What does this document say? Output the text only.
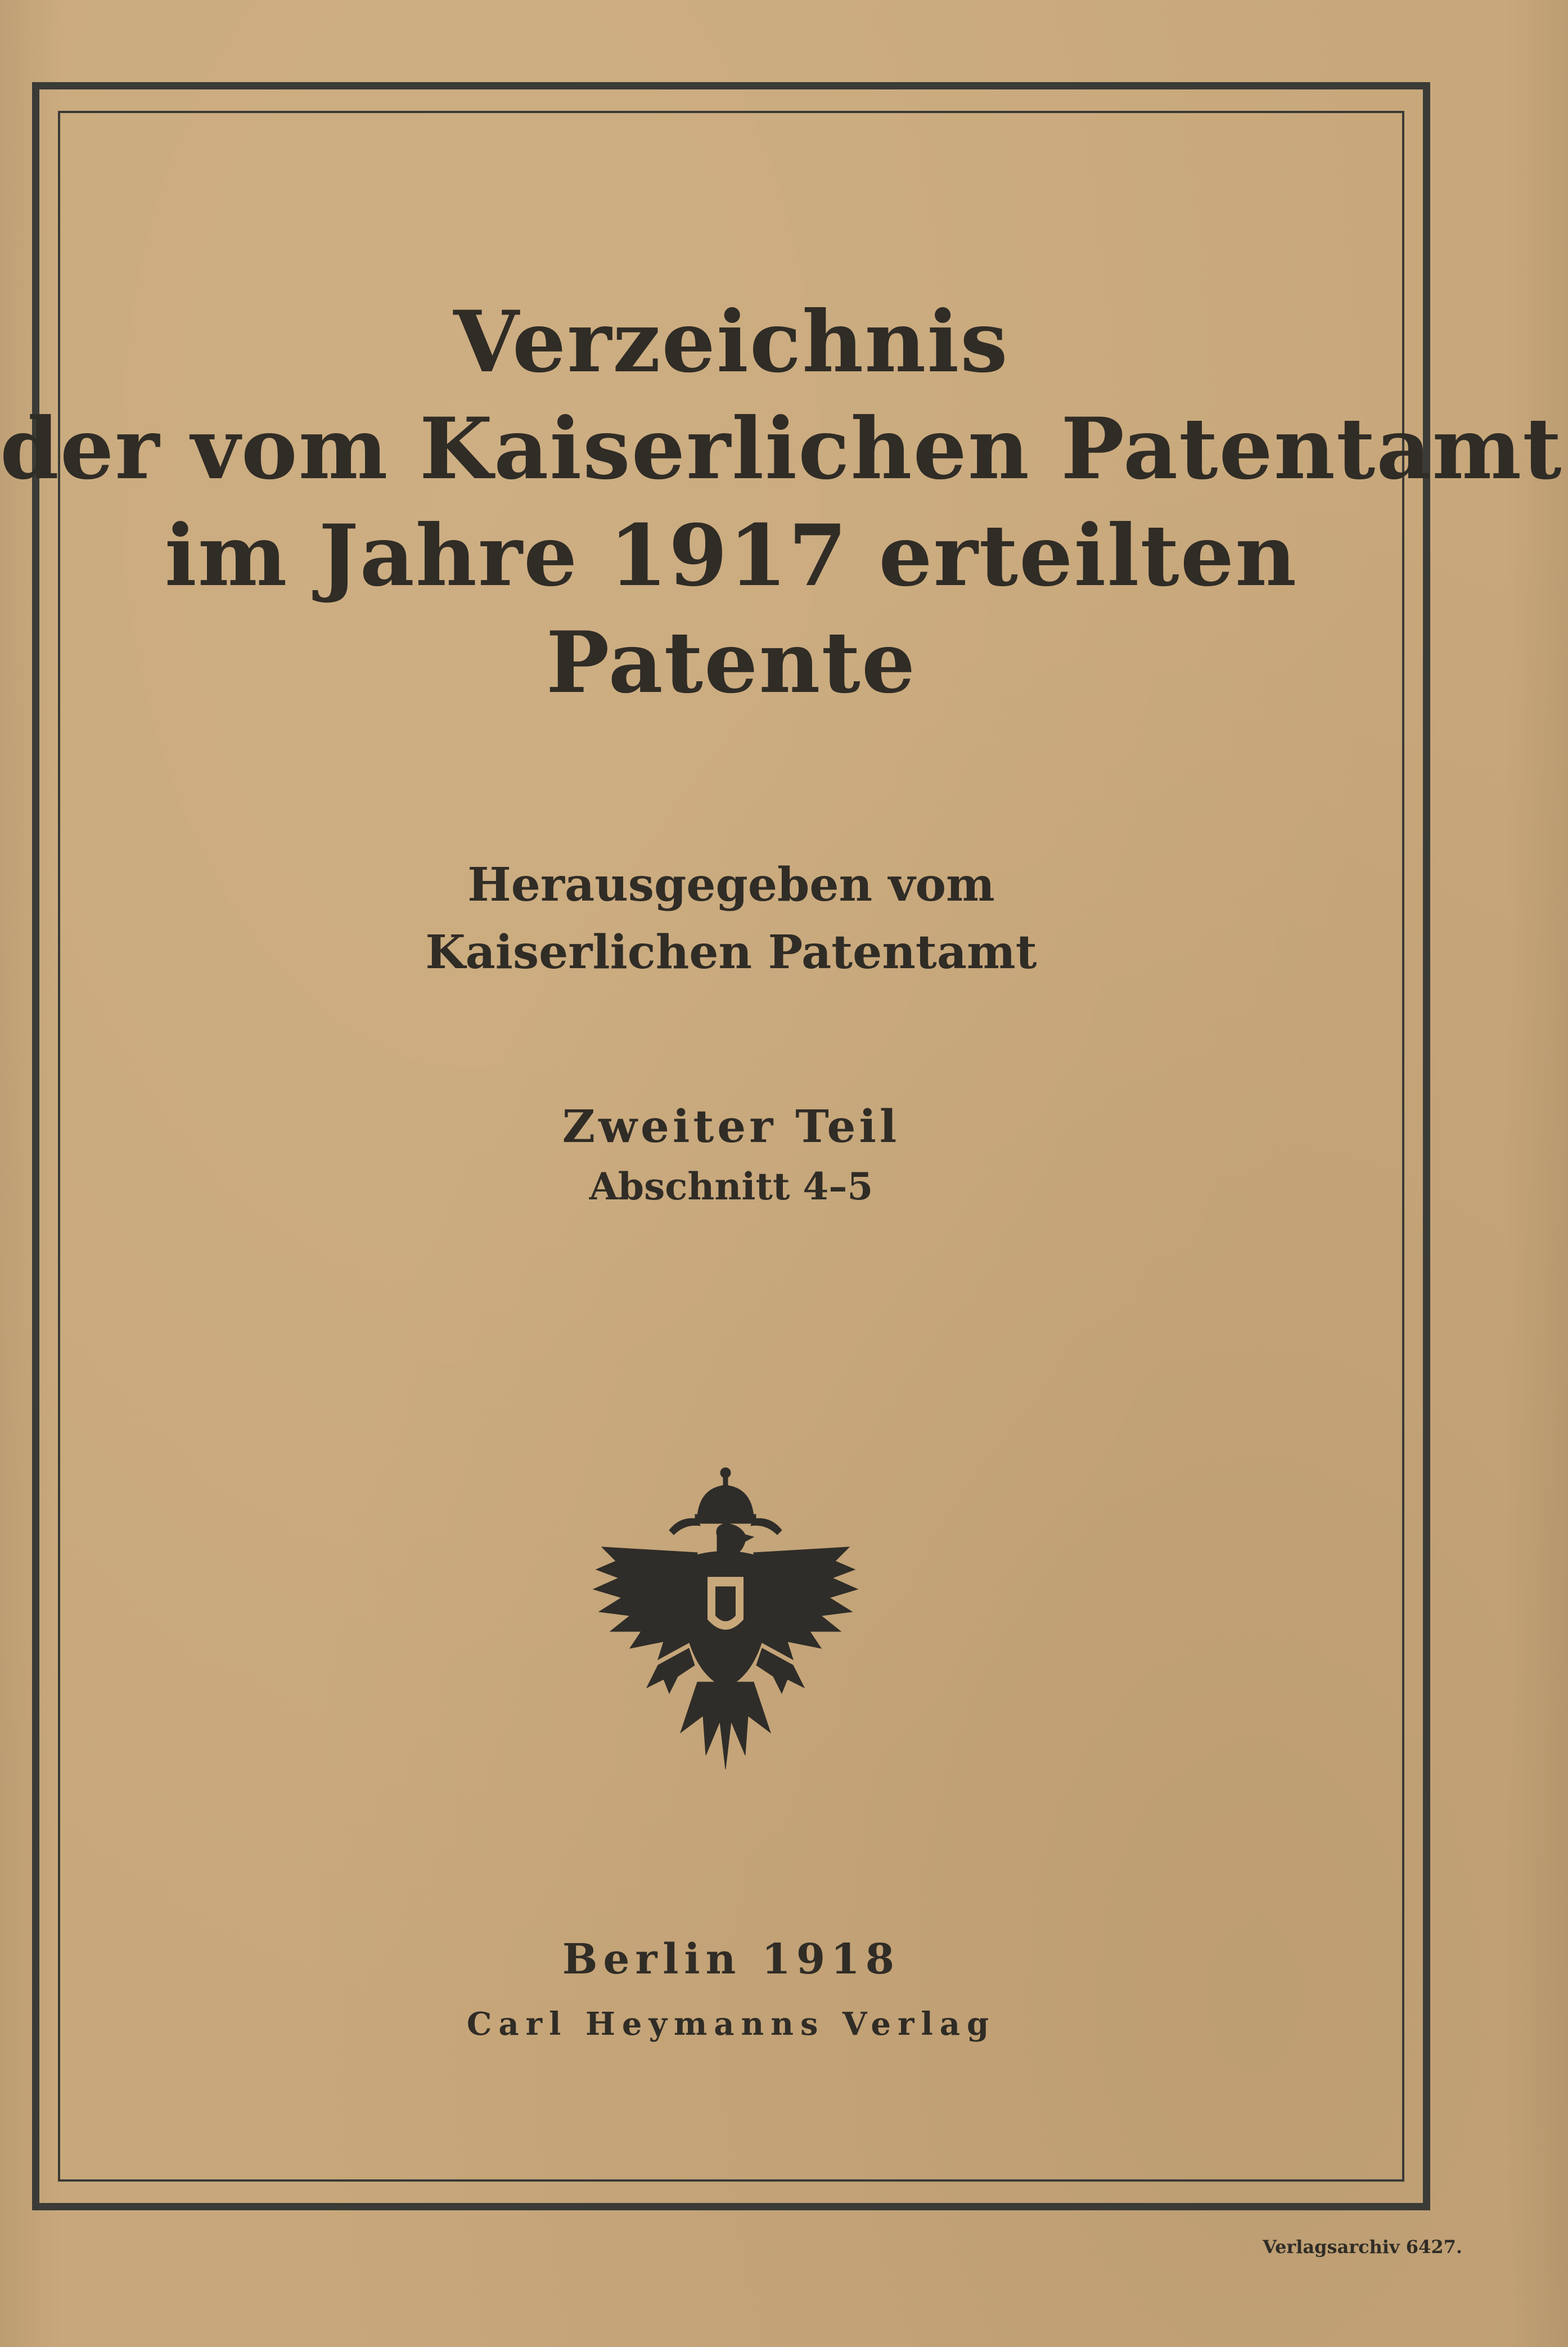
Verzeichnis
der vom Kaiserlichen Patentamt
im Jahre 1917 erteilten
Patente
Herausgegeben vom
Kaiserlichen Patentamt
Zweiter Teil
Abschnitt 4–5
Berlin 1918
Carl Heymanns Verlag
Verlagsarchiv 6427.
